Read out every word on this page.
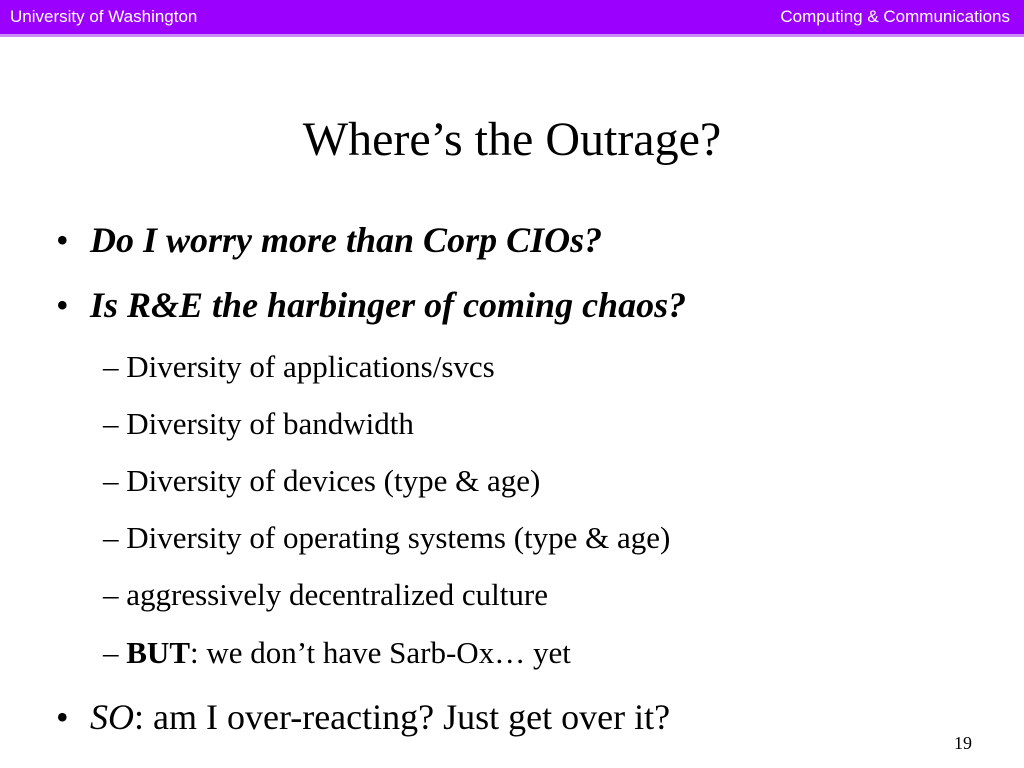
University of Washington	Computing & Communications
Where’s the Outrage?
• Do I worry more than Corp CIOs?
• Is R&E the harbinger of coming chaos?
– Diversity of applications/svcs
– Diversity of bandwidth
– Diversity of devices (type & age)
– Diversity of operating systems (type & age)
– aggressively decentralized culture
– BUT: we don’t have Sarb-Ox… yet
• SO: am I over-reacting? Just get over it?
19
